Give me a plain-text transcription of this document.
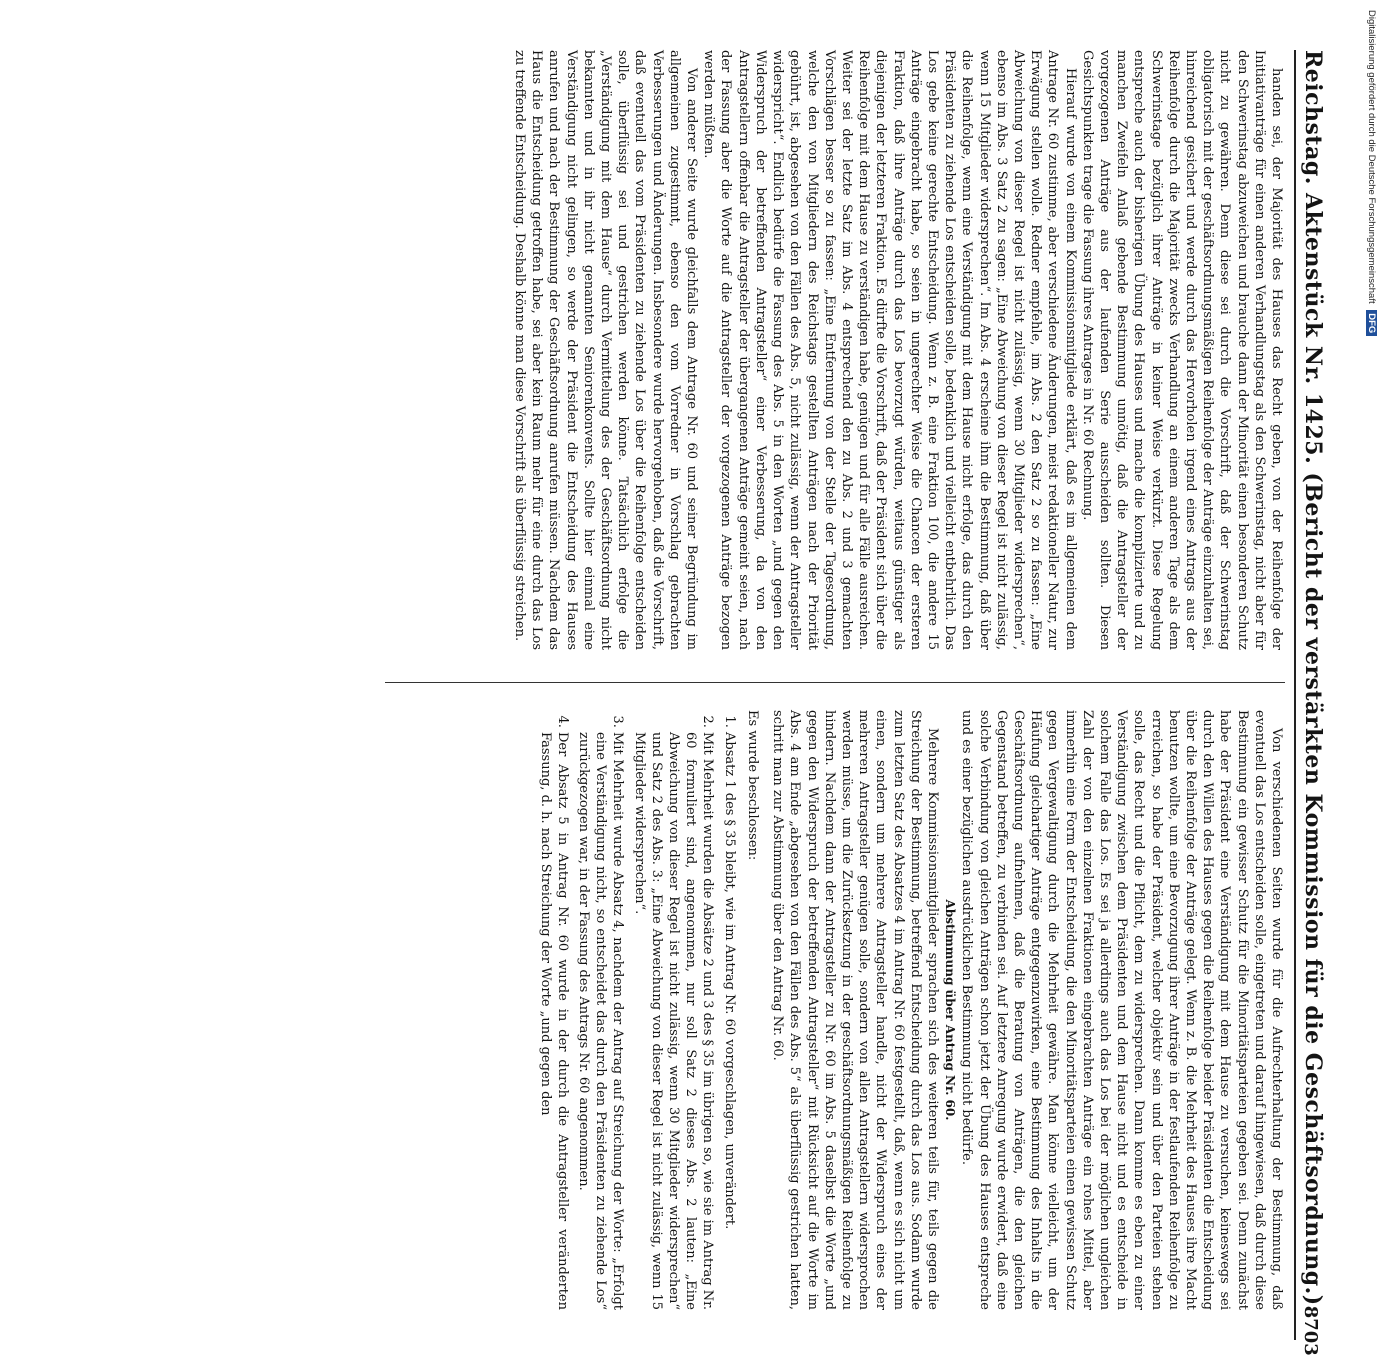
Reichstag. Aktenstück Nr. 1425. (Bericht der verstärkten Kommission für die Geschäftsordnung.)
8703

handen sei, der Majorität des Hauses das Recht geben, von der Reihenfolge der Initiativanträge für einen anderen Verhandlungstag als den Schwerinstag, nicht aber für den Schwerinstag abzuweichen und brauche dann der Minorität einen besonderen Schutz nicht zu gewähren. Denn diese sei durch die Vorschrift, daß der Schwerinstag obligatorisch mit der geschäftsordnungsmäßigen Reihenfolge der Anträge einzuhalten sei, hinreichend gesichert und werde durch das Hervorholen irgend eines Antrags aus der Reihenfolge durch die Majorität zwecks Verhandlung an einem anderen Tage als dem Schwerinstage bezüglich ihrer Anträge in keiner Weise verkürzt. Diese Regelung entspreche auch der bisherigen Übung des Hauses und mache die komplizierte und zu manchen Zweifeln Anlaß gebende Bestimmung unnötig, daß die Antragsteller der vorgezogenen Anträge aus der laufenden Serie ausscheiden sollten. Diesen Gesichtspunkten trage die Fassung ihres Antrages in Nr. 60 Rechnung.

Hierauf wurde von einem Kommissionsmitgliede erklärt, daß es im allgemeinen dem Antrage Nr. 60 zustimme, aber verschiedene Änderungen, meist redaktioneller Natur, zur Erwägung stellen wolle. Redner empfehle, im Abs. 2 den Satz 2 so zu fassen: „Eine Abweichung von dieser Regel ist nicht zulässig, wenn 30 Mitglieder widersprechen“, ebenso im Abs. 3 Satz 2 zu sagen: „Eine Abweichung von dieser Regel ist nicht zulässig, wenn 15 Mitglieder widersprechen“. Im Abs. 4 erscheine ihm die Bestimmung, daß über die Reihenfolge, wenn eine Verständigung mit dem Hause nicht erfolge, das durch den Präsidenten zu ziehende Los entscheiden solle, bedenklich und vielleicht entbehrlich. Das Los gebe keine gerechte Entscheidung. Wenn z. B. eine Fraktion 100, die andere 15 Anträge eingebracht habe, so seien in ungerechter Weise die Chancen der ersteren Fraktion, daß ihre Anträge durch das Los bevorzugt würden, weitaus günstiger als diejenigen der letzteren Fraktion. Es dürfte die Vorschrift, daß der Präsident sich über die Reihenfolge mit dem Hause zu verständigen habe, genügen und für alle Fälle ausreichen. Weiter sei der letzte Satz im Abs. 4 entsprechend den zu Abs. 2 und 3 gemachten Vorschlägen besser so zu fassen: „Eine Entfernung von der Stelle der Tagesordnung, welche den von Mitgliedern des Reichstags gestellten Anträgen nach der Priorität gebührt, ist, abgesehen von den Fällen des Abs. 5, nicht zulässig, wenn der Antragsteller widerspricht“. Endlich bedürfe die Fassung des Abs. 5 in den Worten „und gegen den Widerspruch der betreffenden Antragsteller“ einer Verbesserung, da von den Antragstellern offenbar die Antragsteller der übergangenen Anträge gemeint seien, nach der Fassung aber die Worte auf die Antragsteller der vorgezogenen Anträge bezogen werden müßten.

Von anderer Seite wurde gleichfalls dem Antrage Nr. 60 und seiner Begründung im allgemeinen zugestimmt, ebenso den vom Vorredner in Vorschlag gebrachten Verbesserungen und Änderungen. Insbesondere wurde hervorgehoben, daß die Vorschrift, daß eventuell das vom Präsidenten zu ziehende Los über die Reihenfolge entscheiden solle, überflüssig sei und gestrichen werden könne. Tatsächlich erfolge die „Verständigung mit dem Hause“ durch Vermittelung des der Geschäftsordnung nicht bekannten und in ihr nicht genannten Seniorenkonvents. Sollte hier einmal eine Verständigung nicht gelingen, so werde der Präsident die Entscheidung des Hauses anrufen und nach der Bestimmung der Geschäftsordnung anrufen müssen. Nachdem das Haus die Entscheidung getroffen habe, sei aber kein Raum mehr für eine durch das Los zu treffende Entscheidung. Deshalb könne man diese Vorschrift als überflüssig streichen.

Von verschiedenen Seiten wurde für die Aufrechterhaltung der Bestimmung, daß eventuell das Los entscheiden solle, eingetreten und darauf hingewiesen, daß durch diese Bestimmung ein gewisser Schutz für die Minoritätsparteien gegeben sei. Denn zunächst habe der Präsident eine Verständigung mit dem Hause zu versuchen, keineswegs sei durch den Willen des Hauses gegen die Reihenfolge beider Präsidenten die Entscheidung über die Reihenfolge der Anträge gelegt. Wenn z. B. die Mehrheit des Hauses ihre Macht benutzen wollte, um eine Bevorzugung ihrer Anträge in der festlaufenden Reihenfolge zu erreichen, so habe der Präsident, welcher objektiv sein und über den Parteien stehen solle, das Recht und die Pflicht, dem zu widersprechen. Dann komme es eben zu einer Verständigung zwischen dem Präsidenten und dem Hause nicht und es entscheide in solchem Falle das Los. Es sei ja allerdings auch das Los bei der möglichen ungleichen Zahl der von den einzelnen Fraktionen eingebrachten Anträge ein rohes Mittel, aber immerhin eine Form der Entscheidung, die den Minoritätsparteien einen gewissen Schutz gegen Vergewaltigung durch die Mehrheit gewähre. Man könne vielleicht, um der Häufung gleichartiger Anträge entgegenzuwirken, eine Bestimmung des Inhalts in die Geschäftsordnung aufnehmen, daß die Beratung von Anträgen, die den gleichen Gegenstand betreffen, zu verbinden sei. Auf letztere Anregung wurde erwidert, daß eine solche Verbindung von gleichen Anträgen schon jetzt der Übung des Hauses entspreche und es einer bezüglichen ausdrücklichen Bestimmung nicht bedürfe.

Abstimmung über Antrag Nr. 60.

Mehrere Kommissionsmitglieder sprachen sich des weiteren teils für, teils gegen die Streichung der Bestimmung, betreffend Entscheidung durch das Los aus. Sodann wurde zum letzten Satz des Absatzes 4 im Antrag Nr. 60 festgestellt, daß, wenn es sich nicht um einen, sondern um mehrere Antragsteller handle, nicht der Widerspruch eines der mehreren Antragsteller genügen solle, sondern von allen Antragstellern widersprochen werden müsse, um die Zurücksetzung in der geschäftsordnungsmäßigen Reihenfolge zu hindern. Nachdem dann der Antragsteller zu Nr. 60 im Abs. 5 daselbst die Worte „und gegen den Widerspruch der betreffenden Antragsteller“ mit Rücksicht auf die Worte im Abs. 4 am Ende „abgesehen von den Fällen des Abs. 5“ als überflüssig gestrichen hatten, schritt man zur Abstimmung über den Antrag Nr. 60.

Es wurde beschlossen:

1. Absatz 1 des § 35 bleibt, wie im Antrag Nr. 60 vorgeschlagen, unverändert.
2. Mit Mehrheit wurden die Absätze 2 und 3 des § 35 im übrigen so, wie sie im Antrag Nr. 60 formuliert sind, angenommen, nur soll Satz 2 dieses Abs. 2 lauten: „Eine Abweichung von dieser Regel ist nicht zulässig, wenn 30 Mitglieder widersprechen“ und Satz 2 des Abs. 3: „Eine Abweichung von dieser Regel ist nicht zulässig, wenn 15 Mitglieder widersprechen“.
3. Mit Mehrheit wurde Absatz 4, nachdem der Antrag auf Streichung der Worte: „Erfolgt eine Verständigung nicht, so entscheidet das durch den Präsidenten zu ziehende Los“ zurückgezogen war, in der Fassung des Antrags Nr. 60 angenommen.
4. Der Absatz 5 in Antrag Nr. 60 wurde in der durch die Antragsteller veränderten Fassung, d. h. nach Streichung der Worte „und gegen den
Digitalisierung gefördert durch die Deutsche Forschungsgemeinschaft DFG
